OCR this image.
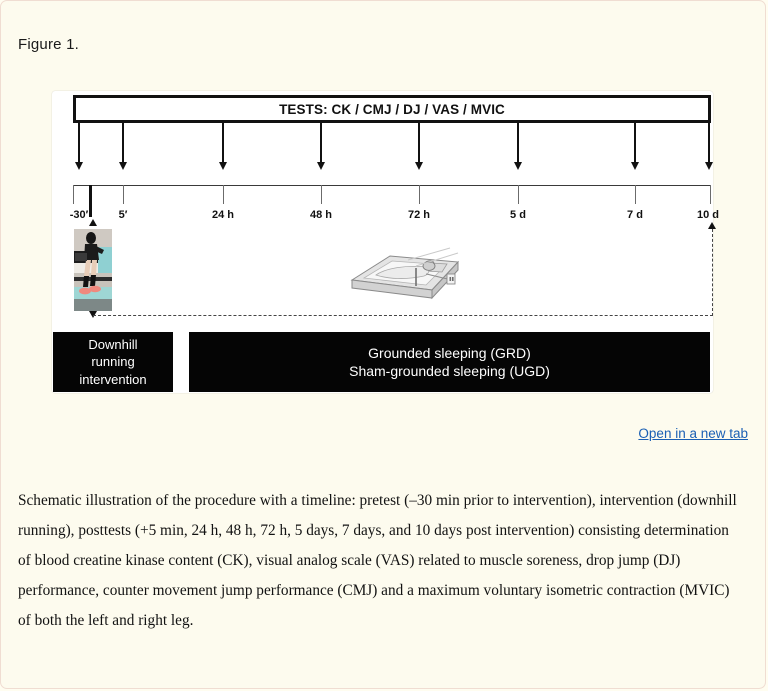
Figure 1.
TESTS: CK / CMJ / DJ / VAS / MVIC
-30′	5′	24 h	48 h	72 h	5 d	7 d	10 d
Downhill
running
intervention
Grounded sleeping (GRD)
Sham-grounded sleeping (UGD)
Open in a new tab
Schematic illustration of the procedure with a timeline: pretest (–30 min prior to intervention), intervention (downhill running), posttests (+5 min, 24 h, 48 h, 72 h, 5 days, 7 days, and 10 days post intervention) consisting determination of blood creatine kinase content (CK), visual analog scale (VAS) related to muscle soreness, drop jump (DJ) performance, counter movement jump performance (CMJ) and a maximum voluntary isometric contraction (MVIC) of both the left and right leg.
